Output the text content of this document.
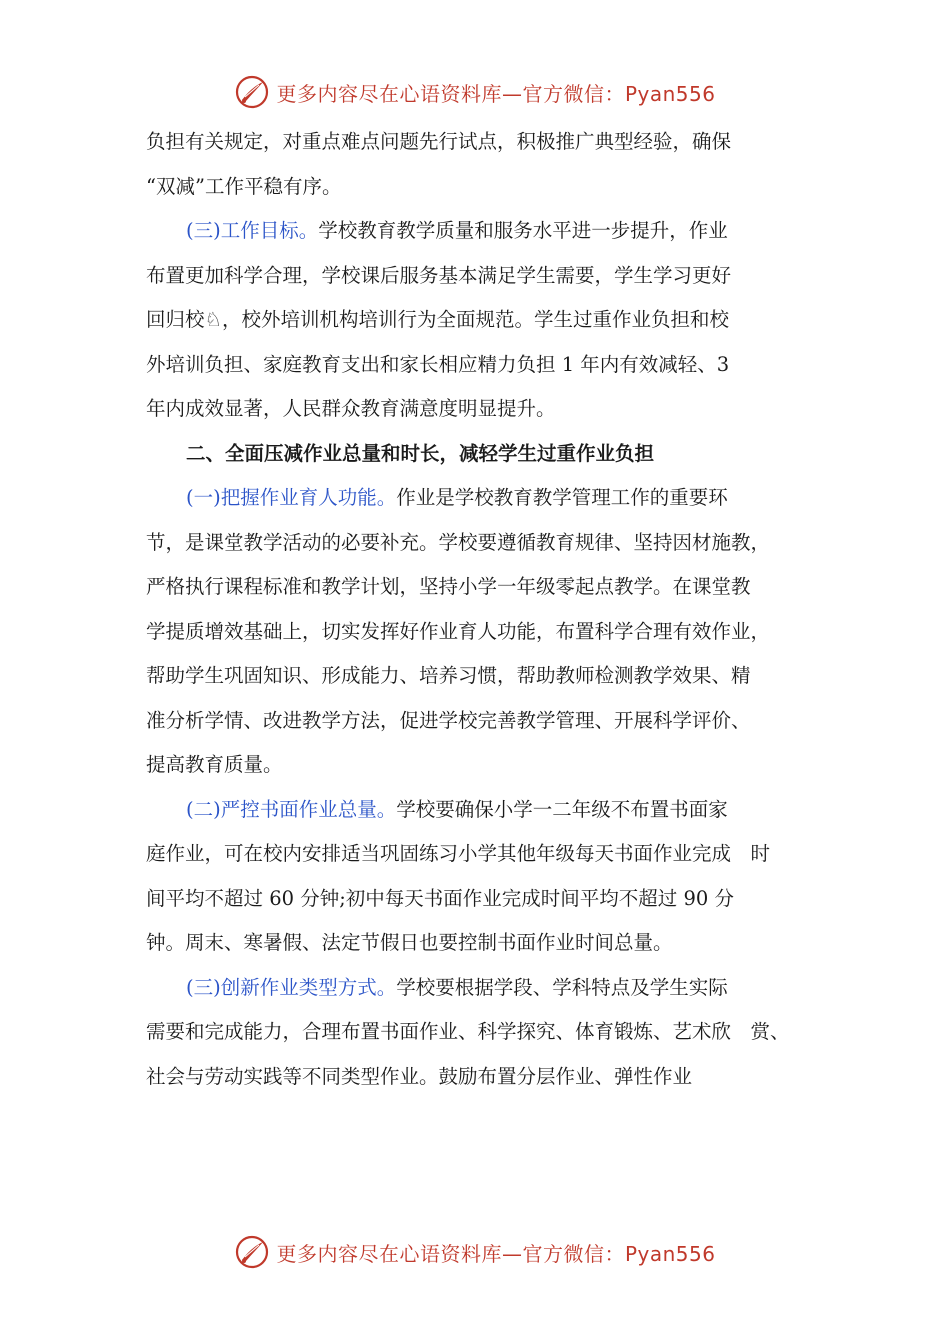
更多内容尽在心语资料库—官方微信：Pyan556

负担有关规定，对重点难点问题先行试点，积极推广典型经验，确保
“双减”工作平稳有序。

(三)工作目标。学校教育教学质量和服务水平进一步提升，作业
布置更加科学合理，学校课后服务基本满足学生需要，学生学习更好
回归校♘，校外培训机构培训行为全面规范。学生过重作业负担和校
外培训负担、家庭教育支出和家长相应精力负担 1 年内有效减轻、3
年内成效显著，人民群众教育满意度明显提升。

二、全面压减作业总量和时长，减轻学生过重作业负担

(一)把握作业育人功能。作业是学校教育教学管理工作的重要环
节，是课堂教学活动的必要补充。学校要遵循教育规律、坚持因材施教，
严格执行课程标准和教学计划，坚持小学一年级零起点教学。在课堂教
学提质增效基础上，切实发挥好作业育人功能，布置科学合理有效作业，
帮助学生巩固知识、形成能力、培养习惯，帮助教师检测教学效果、精
准分析学情、改进教学方法，促进学校完善教学管理、开展科学评价、
提高教育质量。

(二)严控书面作业总量。学校要确保小学一二年级不布置书面家
庭作业，可在校内安排适当巩固练习小学其他年级每天书面作业完成　时
间平均不超过 60 分钟;初中每天书面作业完成时间平均不超过 90 分
钟。周末、寒暑假、法定节假日也要控制书面作业时间总量。

(三)创新作业类型方式。学校要根据学段、学科特点及学生实际
需要和完成能力，合理布置书面作业、科学探究、体育锻炼、艺术欣　赏、
社会与劳动实践等不同类型作业。鼓励布置分层作业、弹性作业

更多内容尽在心语资料库—官方微信：Pyan556
